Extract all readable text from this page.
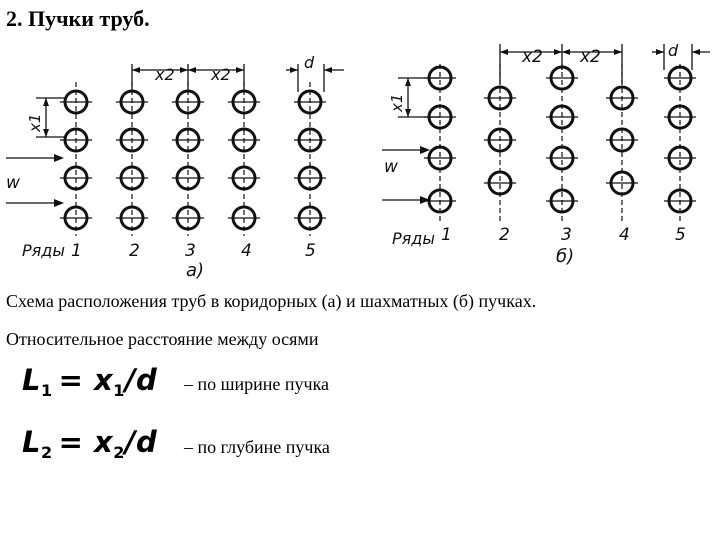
2. Пучки труб.
x2 x2
d
x1
w
Ряды 1	2	3	4	5
а)
x2 x2	d
x1
w
Ряды 1	2	3	4	5
б)
Схема расположения труб в коридорных (а) и шахматных (б) пучках.
Относительное расстояние между осями
$L_1 = x_1/d$ – по ширине пучка
$L_2 = x_2/d$ – по глубине пучка
